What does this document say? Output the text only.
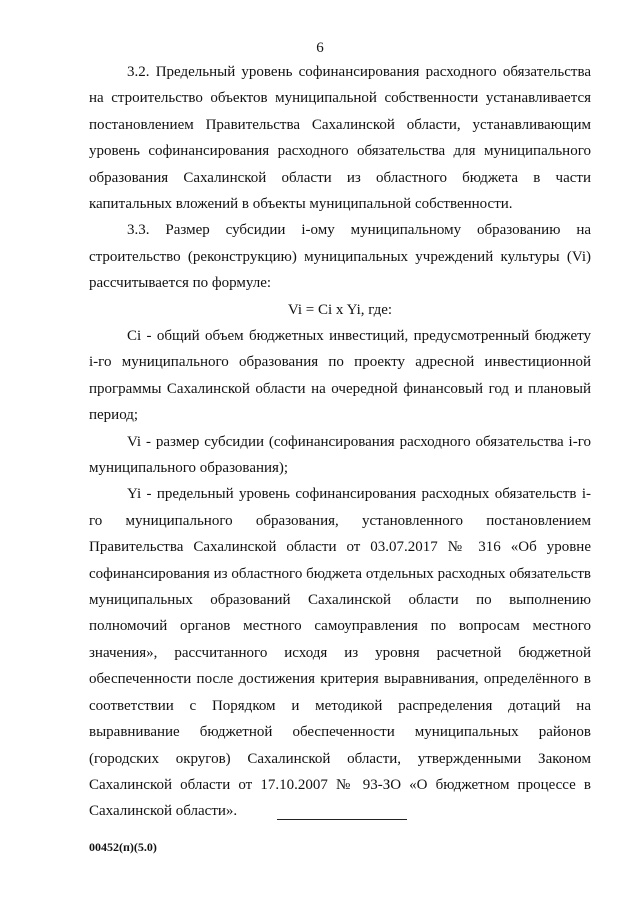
6

3.2. Предельный уровень софинансирования расходного обязательства на строительство объектов муниципальной собственности устанавливается постановлением Правительства Сахалинской области, устанавливающим уровень софинансирования расходного обязательства для муниципального образования Сахалинской области из областного бюджета в части капитальных вложений в объекты муниципальной собственности.

3.3. Размер субсидии i-ому муниципальному образованию на строительство (реконструкцию) муниципальных учреждений культуры (Vi) рассчитывается по формуле:

Vi = Ci x Yi, где:

Ci - общий объем бюджетных инвестиций, предусмотренный бюджету i-го муниципального образования по проекту адресной инвестиционной программы Сахалинской области на очередной финансовый год и плановый период;

Vi - размер субсидии (софинансирования расходного обязательства i-го муниципального образования);

Yi - предельный уровень софинансирования расходных обязательств i-го муниципального образования, установленного постановлением Правительства Сахалинской области от 03.07.2017 № 316 «Об уровне софинансирования из областного бюджета отдельных расходных обязательств муниципальных образований Сахалинской области по выполнению полномочий органов местного самоуправления по вопросам местного значения», рассчитанного исходя из уровня расчетной бюджетной обеспеченности после достижения критерия выравнивания, определённого в соответствии с Порядком и методикой распределения дотаций на выравнивание бюджетной обеспеченности муниципальных районов (городских округов) Сахалинской области, утвержденными Законом Сахалинской области от 17.10.2007 № 93-ЗО «О бюджетном процессе в Сахалинской области».

00452(п)(5.0)
